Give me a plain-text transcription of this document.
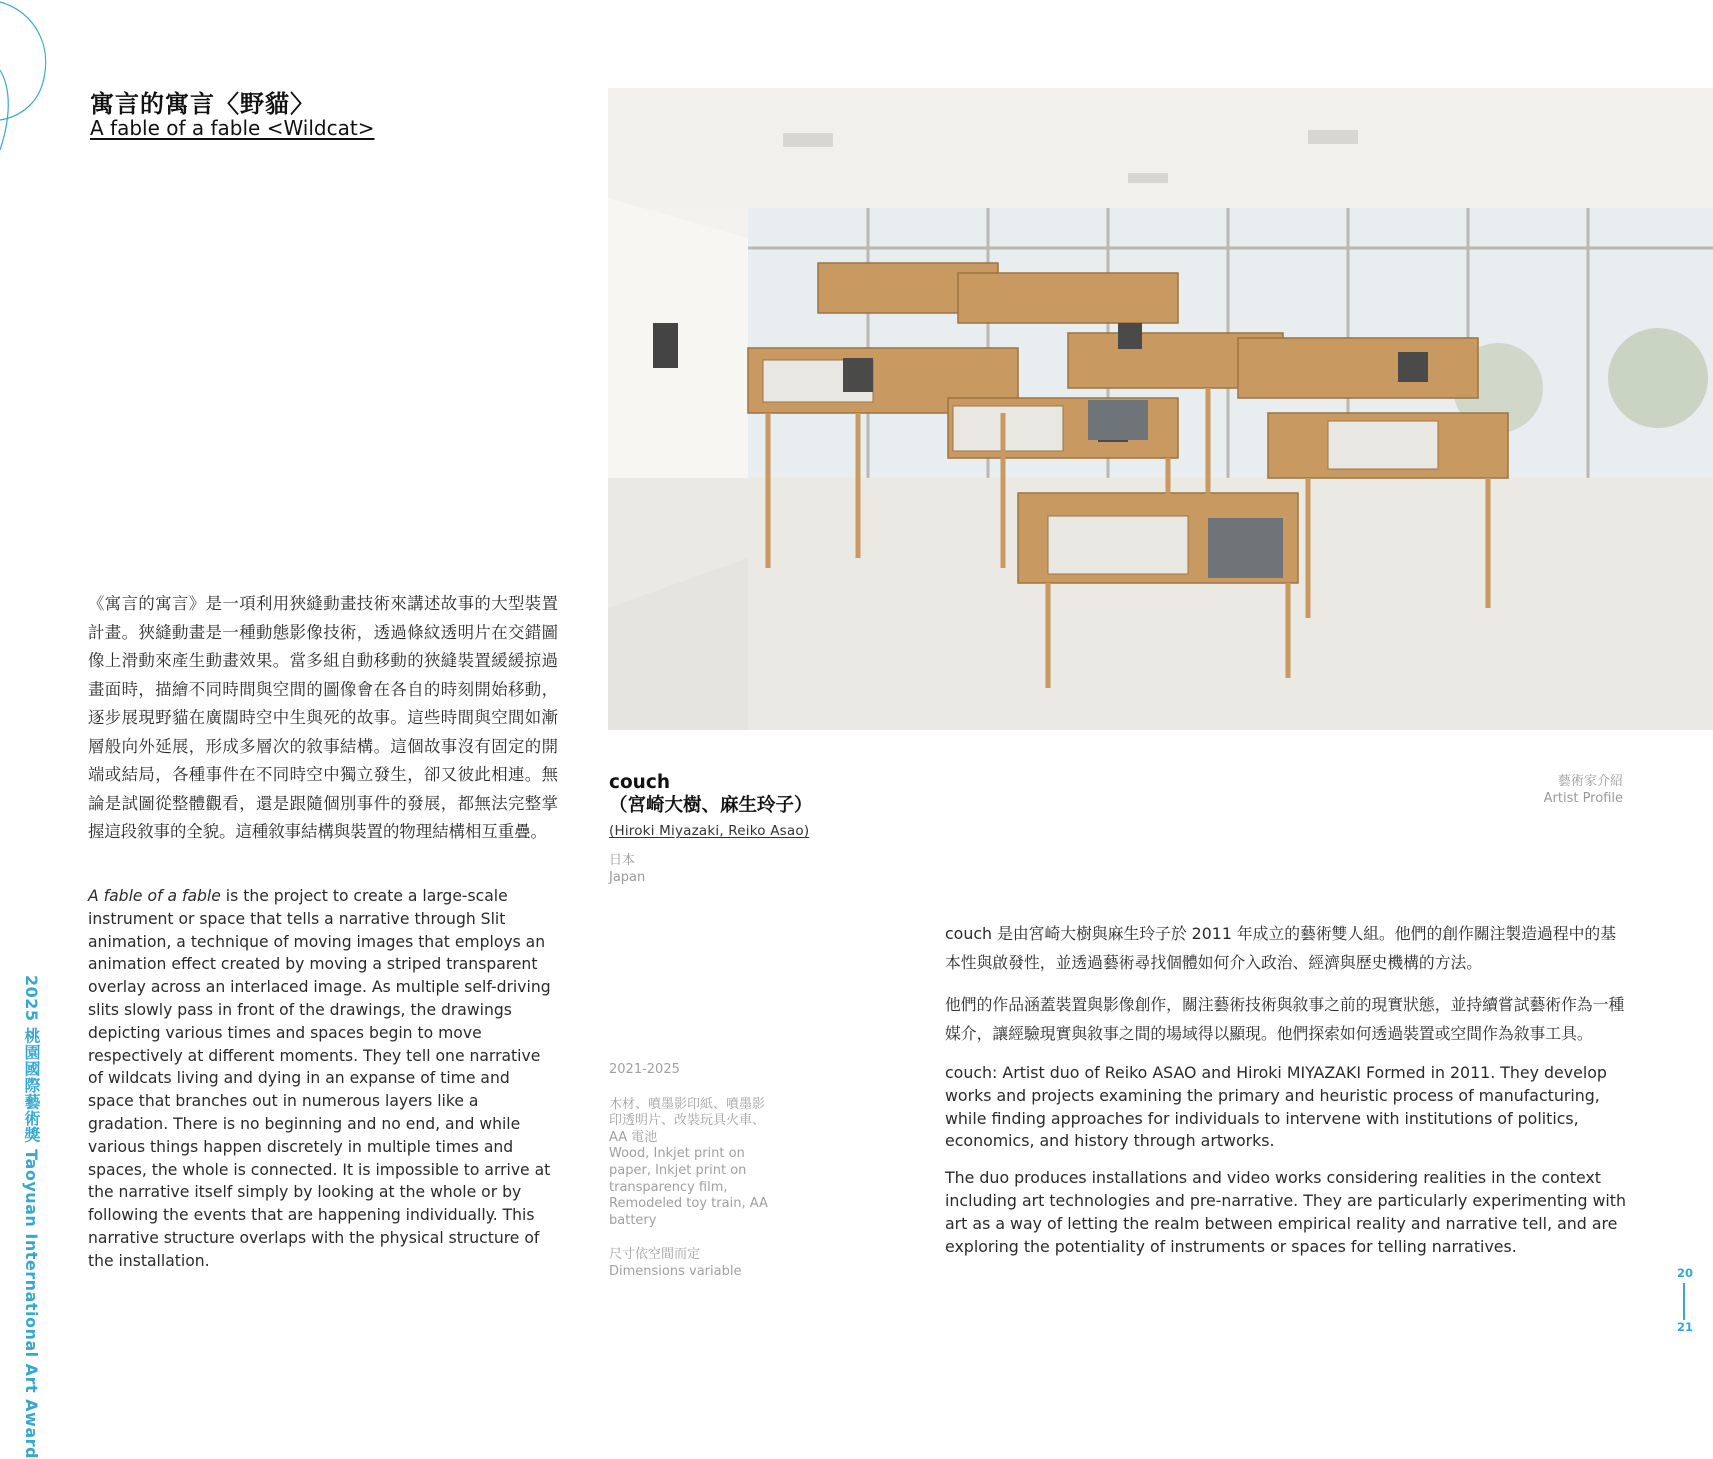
2025 桃園國際藝術獎 Taoyuan International Art Award
寓言的寓言〈野貓〉
A fable of a fable <Wildcat>
《寓言的寓言》是一項利用狹縫動畫技術來講述故事的大型裝置計畫。狹縫動畫是一種動態影像技術，透過條紋透明片在交錯圖像上滑動來產生動畫效果。當多組自動移動的狹縫裝置緩緩掠過畫面時，描繪不同時間與空間的圖像會在各自的時刻開始移動，逐步展現野貓在廣闊時空中生與死的故事。這些時間與空間如漸層般向外延展，形成多層次的敘事結構。這個故事沒有固定的開端或結局，各種事件在不同時空中獨立發生，卻又彼此相連。無論是試圖從整體觀看，還是跟隨個別事件的發展，都無法完整掌握這段敘事的全貌。這種敘事結構與裝置的物理結構相互重疊。
A fable of a fable is the project to create a large-scale instrument or space that tells a narrative through Slit animation, a technique of moving images that employs an animation effect created by moving a striped transparent overlay across an interlaced image. As multiple self-driving slits slowly pass in front of the drawings, the drawings depicting various times and spaces begin to move respectively at different moments. They tell one narrative of wildcats living and dying in an expanse of time and space that branches out in numerous layers like a gradation. There is no beginning and no end, and while various things happen discretely in multiple times and spaces, the whole is connected. It is impossible to arrive at the narrative itself simply by looking at the whole or by following the events that are happening individually. This narrative structure overlaps with the physical structure of the installation.
couch
（宮崎大樹、麻生玲子）
(Hiroki Miyazaki, Reiko Asao)
日本
Japan
2021-2025
木材、噴墨影印紙、噴墨影印透明片、改裝玩具火車、AA 電池
Wood, Inkjet print on paper, Inkjet print on transparency film, Remodeled toy train, AA battery
尺寸依空間而定
Dimensions variable
藝術家介紹
Artist Profile

couch 是由宮崎大樹與麻生玲子於 2011 年成立的藝術雙人組。他們的創作關注製造過程中的基本性與啟發性，並透過藝術尋找個體如何介入政治、經濟與歷史機構的方法。

他們的作品涵蓋裝置與影像創作，關注藝術技術與敘事之前的現實狀態，並持續嘗試藝術作為一種媒介，讓經驗現實與敘事之間的場域得以顯現。他們探索如何透過裝置或空間作為敘事工具。

couch: Artist duo of Reiko ASAO and Hiroki MIYAZAKI Formed in 2011. They develop works and projects examining the primary and heuristic process of manufacturing, while finding approaches for individuals to intervene with institutions of politics, economics, and history through artworks.

The duo produces installations and video works considering realities in the context including art technologies and pre-narrative. They are particularly experimenting with art as a way of letting the realm between empirical reality and narrative tell, and are exploring the potentiality of instruments or spaces for telling narratives.

20
21
